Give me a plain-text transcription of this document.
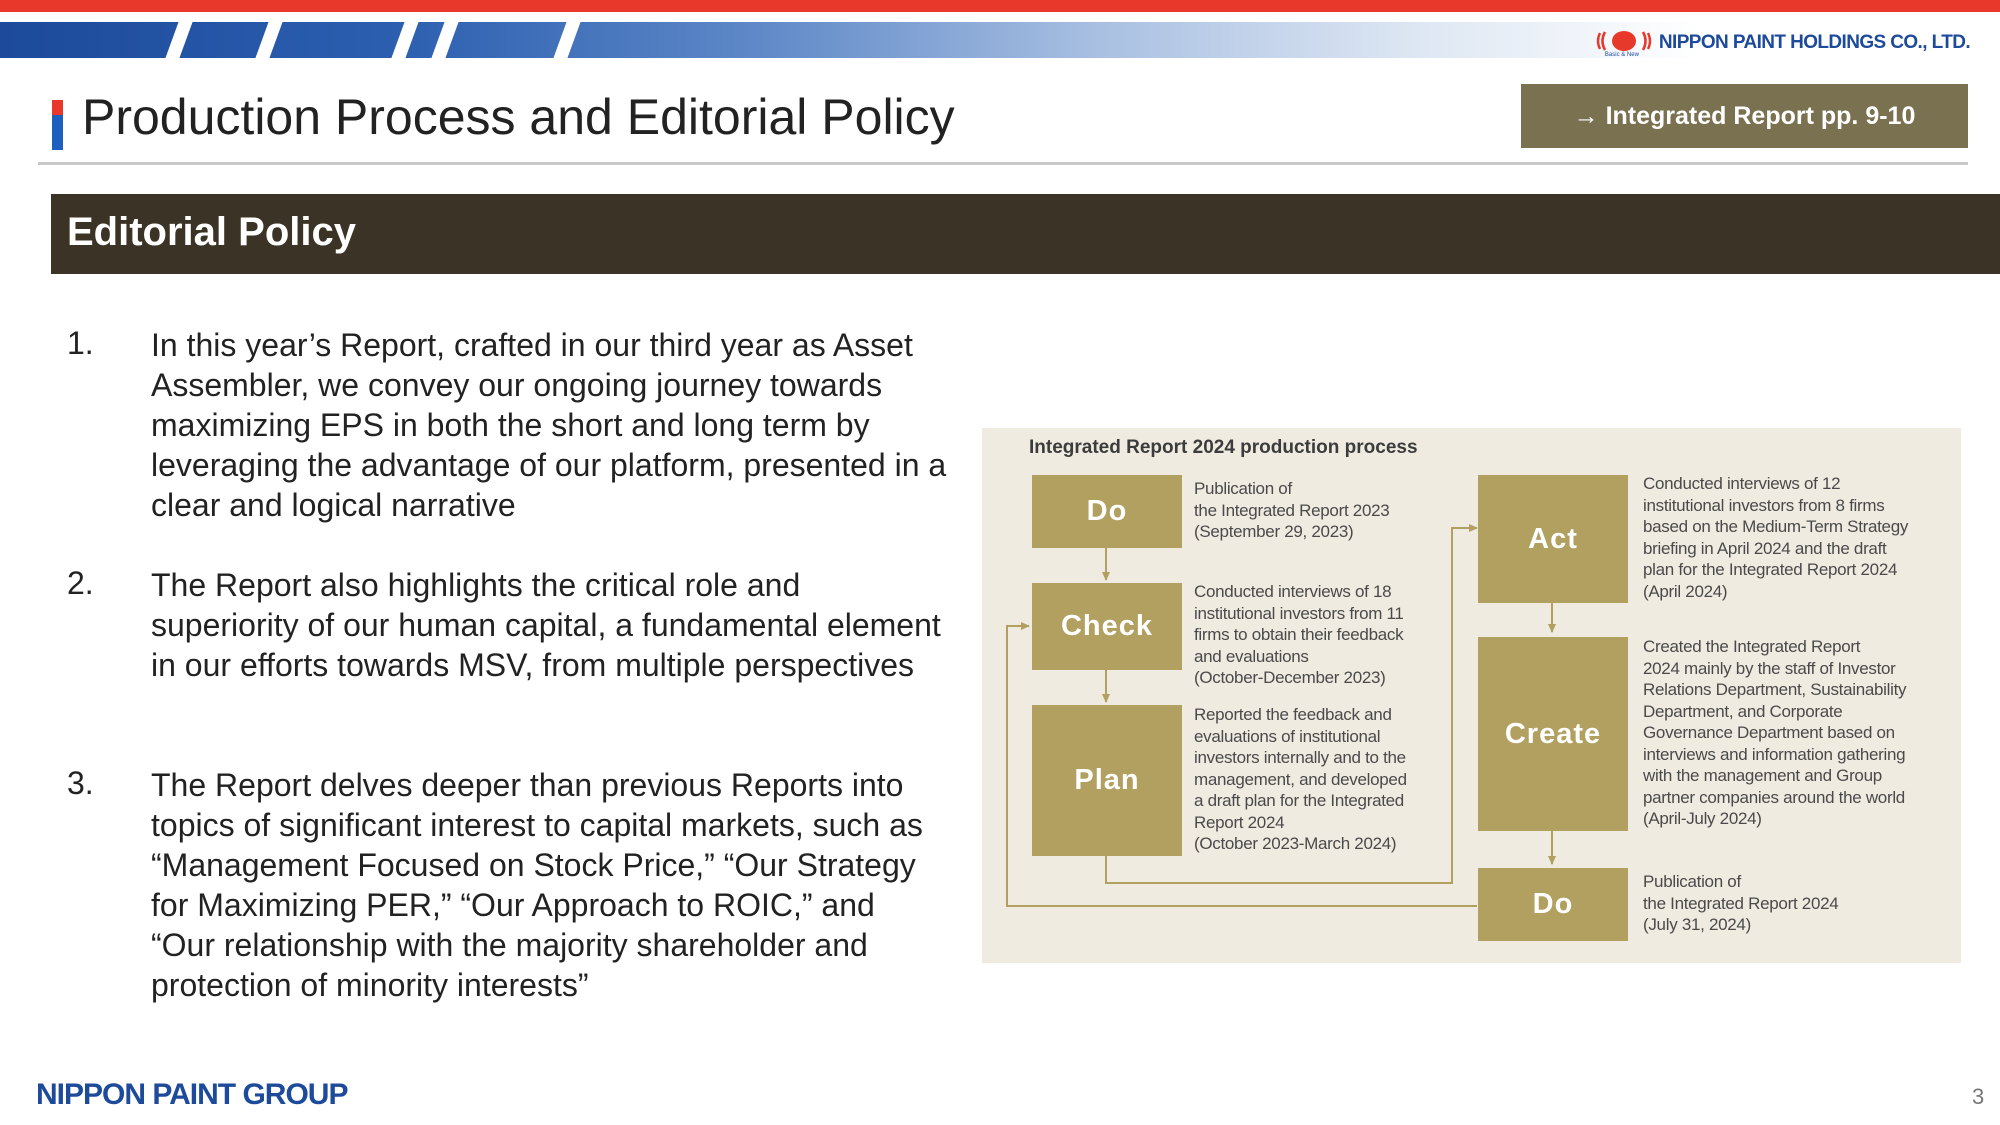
Basic & New
NIPPON PAINT HOLDINGS CO., LTD.
Production Process and Editorial Policy	→ Integrated Report pp. 9-10
Editorial Policy
1. In this year’s Report, crafted in our third year as Asset Assembler, we convey our ongoing journey towards maximizing EPS in both the short and long term by leveraging the advantage of our platform, presented in a clear and logical narrative
2. The Report also highlights the critical role and superiority of our human capital, a fundamental element in our efforts towards MSV, from multiple perspectives
3. The Report delves deeper than previous Reports into topics of significant interest to capital markets, such as “Management Focused on Stock Price,” “Our Strategy for Maximizing PER,” “Our Approach to ROIC,” and “Our relationship with the majority shareholder and protection of minority interests”
Integrated Report 2024 production process
Do
Publication of
the Integrated Report 2023
(September 29, 2023)
Check
Conducted interviews of 18
institutional investors from 11
firms to obtain their feedback
and evaluations
(October-December 2023)
Plan
Reported the feedback and
evaluations of institutional
investors internally and to the
management, and developed
a draft plan for the Integrated
Report 2024
(October 2023-March 2024)
Act
Conducted interviews of 12
institutional investors from 8 firms
based on the Medium-Term Strategy
briefing in April 2024 and the draft
plan for the Integrated Report 2024
(April 2024)
Create
Created the Integrated Report
2024 mainly by the staff of Investor
Relations Department, Sustainability
Department, and Corporate
Governance Department based on
interviews and information gathering
with the management and Group
partner companies around the world
(April-July 2024)
Do
Publication of
the Integrated Report 2024
(July 31, 2024)
NIPPON PAINT GROUP	3
